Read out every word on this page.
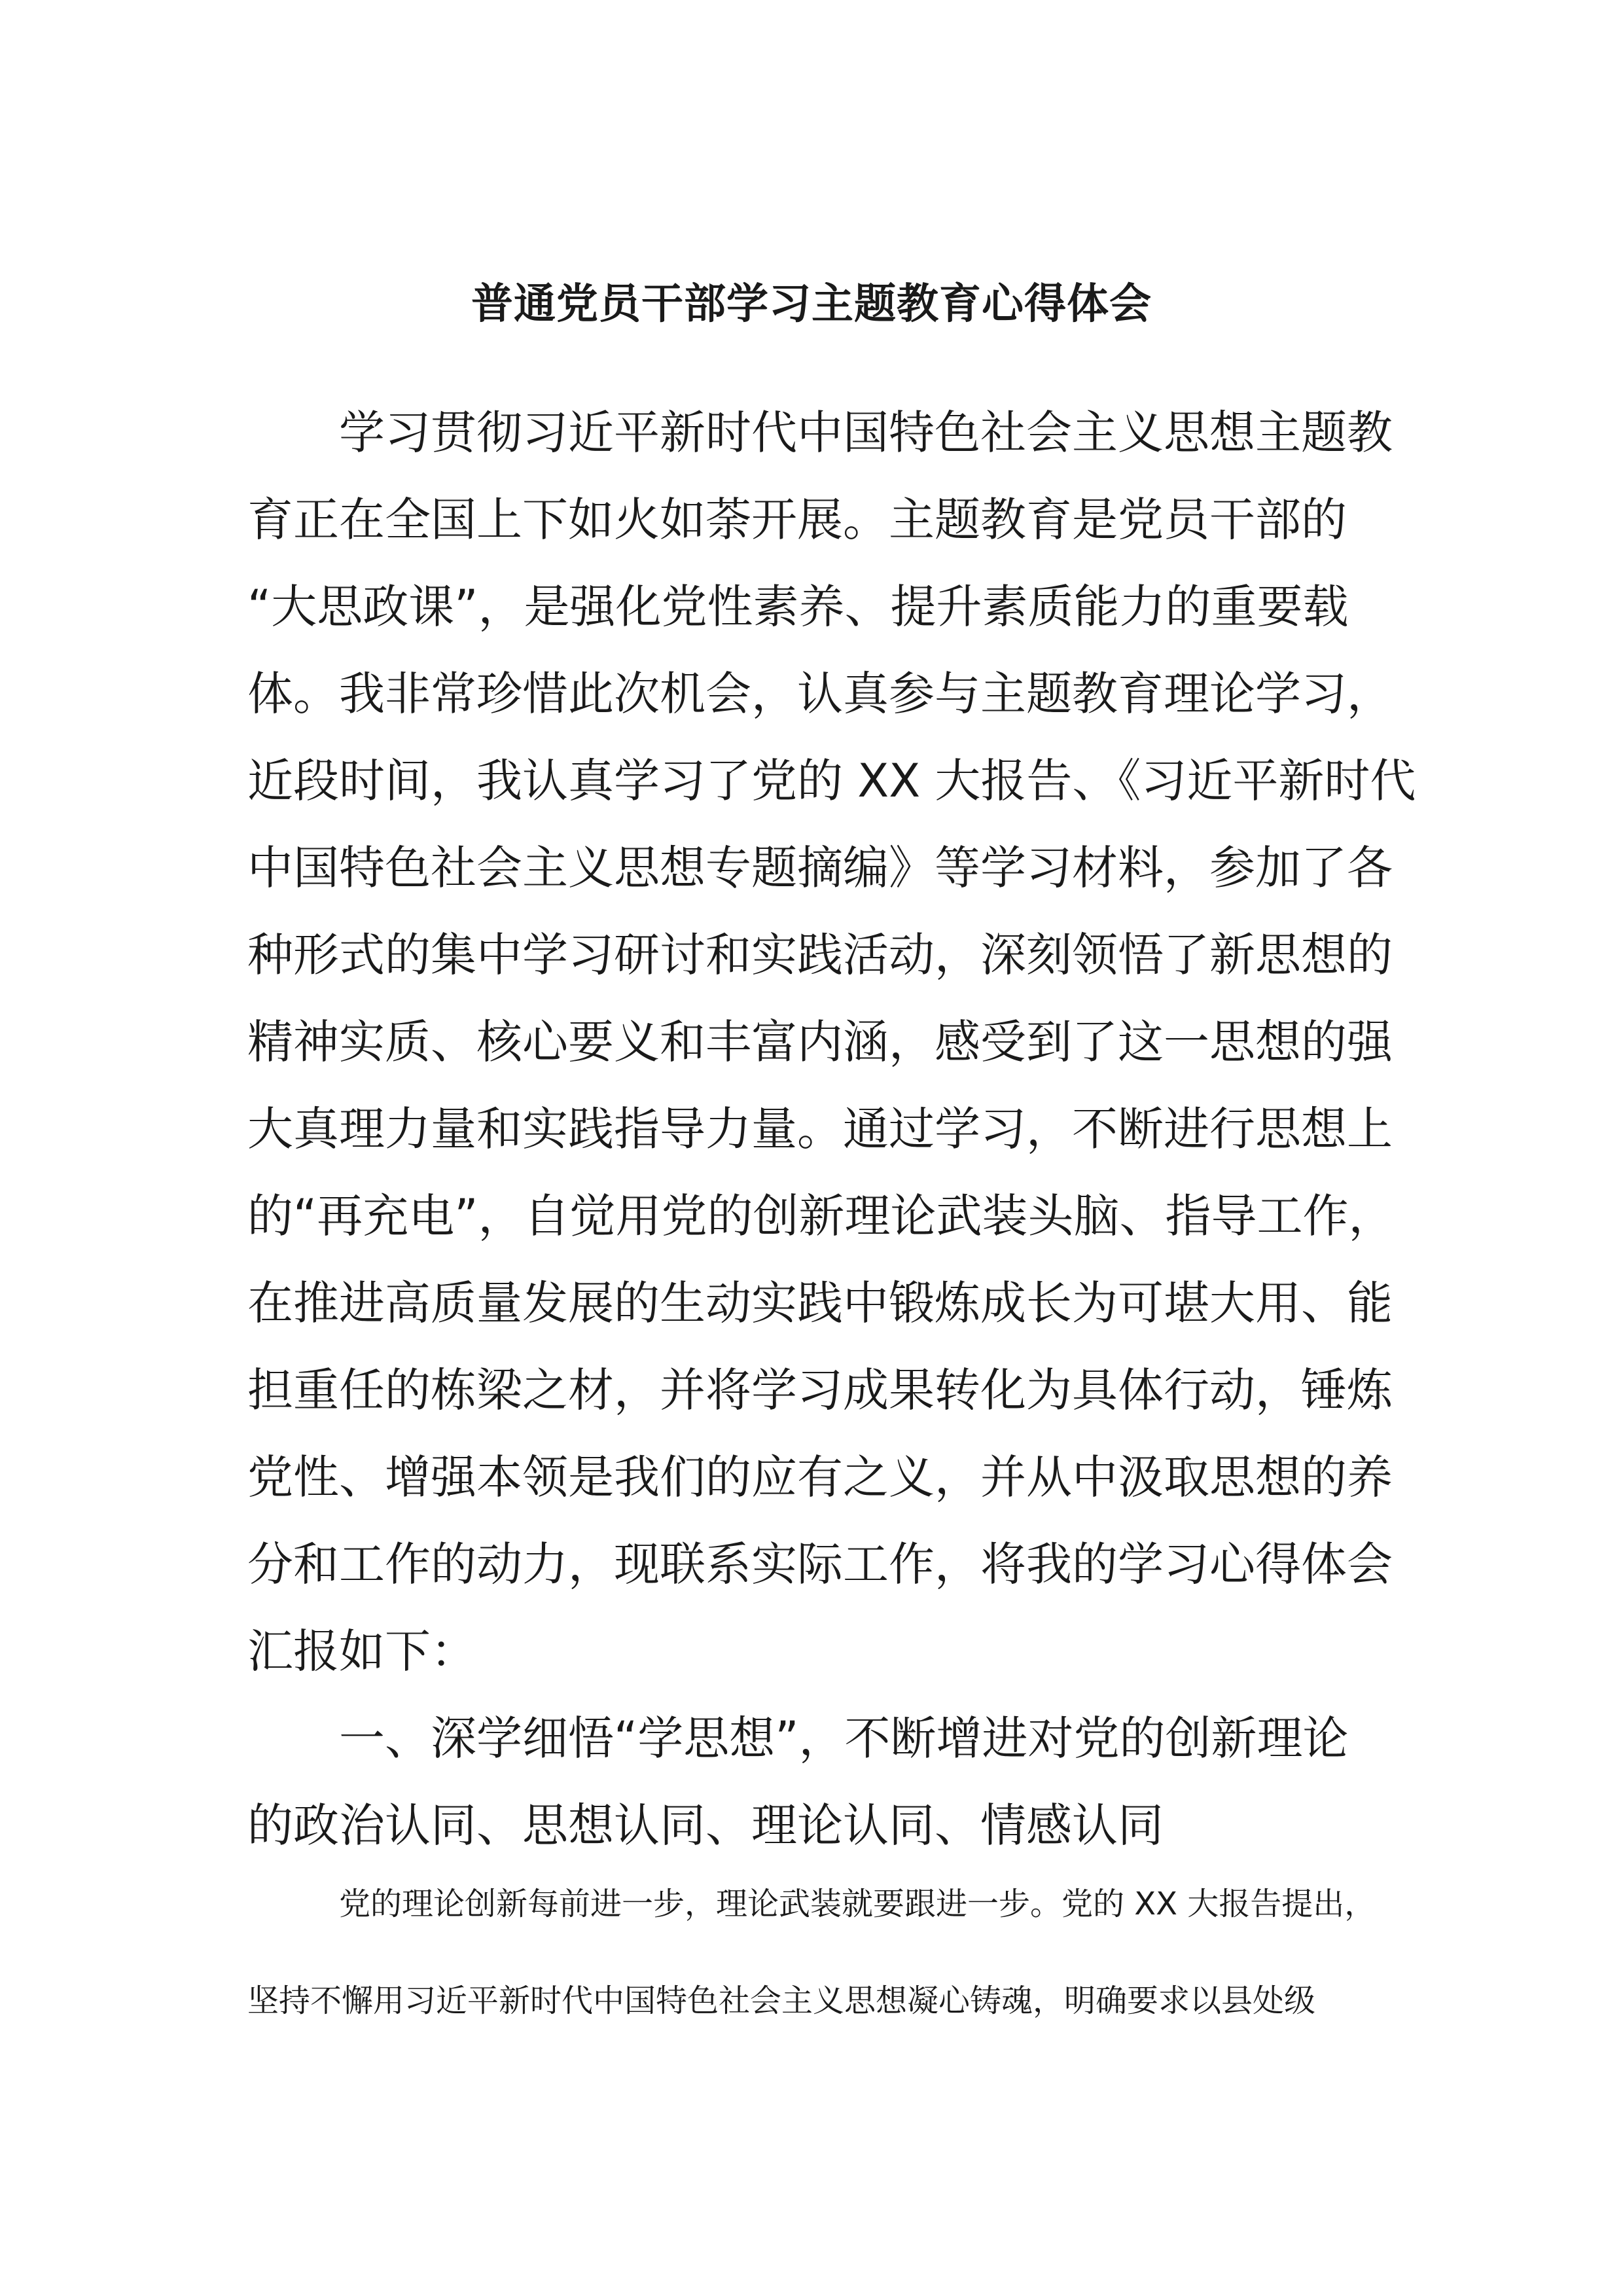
普通党员干部学习主题教育心得体会
学习贯彻习近平新时代中国特色社会主义思想主题教
育正在全国上下如火如荼开展。主题教育是党员干部的
“大思政课”，是强化党性素养、提升素质能力的重要载
体。我非常珍惜此次机会，认真参与主题教育理论学习，
近段时间，我认真学习了党的 XX 大报告、《习近平新时代
中国特色社会主义思想专题摘编》等学习材料，参加了各
种形式的集中学习研讨和实践活动，深刻领悟了新思想的
精神实质、核心要义和丰富内涵，感受到了这一思想的强
大真理力量和实践指导力量。通过学习，不断进行思想上
的“再充电”，自觉用党的创新理论武装头脑、指导工作，
在推进高质量发展的生动实践中锻炼成长为可堪大用、能
担重任的栋梁之材，并将学习成果转化为具体行动，锤炼
党性、增强本领是我们的应有之义，并从中汲取思想的养
分和工作的动力，现联系实际工作，将我的学习心得体会
汇报如下：
一、深学细悟“学思想”，不断增进对党的创新理论
的政治认同、思想认同、理论认同、情感认同
党的理论创新每前进一步，理论武装就要跟进一步。党的 XX 大报告提出，
坚持不懈用习近平新时代中国特色社会主义思想凝心铸魂，明确要求以县处级
